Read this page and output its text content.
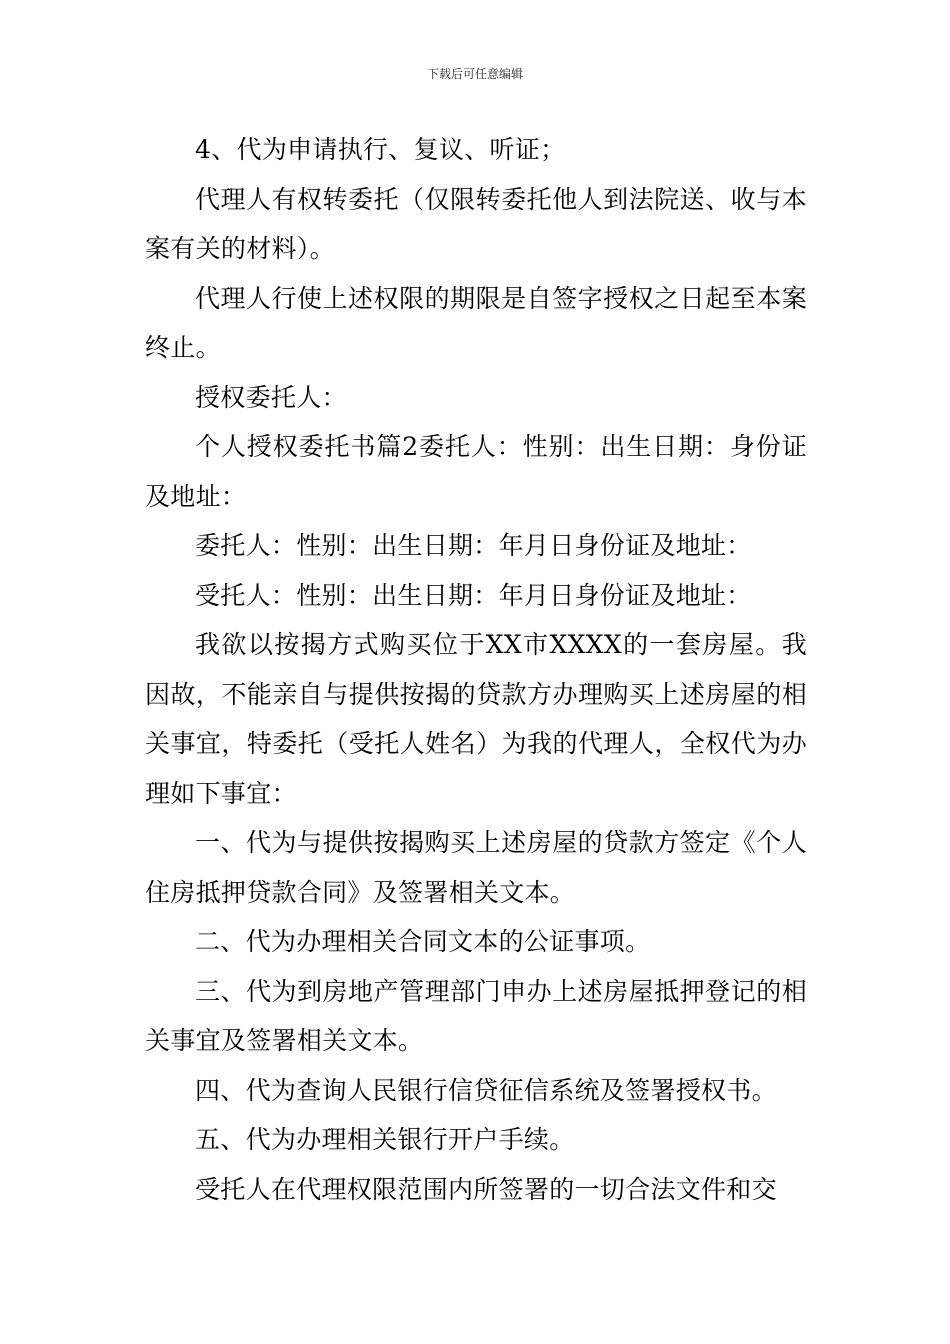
下载后可任意编辑

4、代为申请执行、复议、听证；

代理人有权转委托（仅限转委托他人到法院送、收与本案有关的材料）。

代理人行使上述权限的期限是自签字授权之日起至本案终止。

授权委托人：

个人授权委托书篇2委托人：性别：出生日期：身份证及地址：

委托人：性别：出生日期：年月日身份证及地址：

受托人：性别：出生日期：年月日身份证及地址：

我欲以按揭方式购买位于XX市XXXX的一套房屋。我因故，不能亲自与提供按揭的贷款方办理购买上述房屋的相关事宜，特委托（受托人姓名）为我的代理人，全权代为办理如下事宜：

一、代为与提供按揭购买上述房屋的贷款方签定《个人住房抵押贷款合同》及签署相关文本。

二、代为办理相关合同文本的公证事项。

三、代为到房地产管理部门申办上述房屋抵押登记的相关事宜及签署相关文本。

四、代为查询人民银行信贷征信系统及签署授权书。

五、代为办理相关银行开户手续。

受托人在代理权限范围内所签署的一切合法文件和交
